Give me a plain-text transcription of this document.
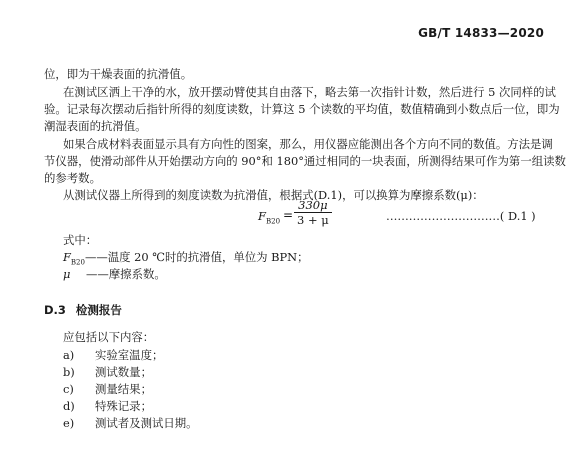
GB/T 14833—2020
位，即为干燥表面的抗滑值。
在测试区洒上干净的水，放开摆动臂使其自由落下，略去第一次指针计数，然后进行 5 次同样的试
验。记录每次摆动后指针所得的刻度读数，计算这 5 个读数的平均值，数值精确到小数点后一位，即为
潮湿表面的抗滑值。
如果合成材料表面显示具有方向性的图案，那么，用仪器应能测出各个方向不同的数值。方法是调
节仪器，使滑动部件从开始摆动方向的 90°和 180°通过相同的一块表面，所测得结果可作为第一组读数
的参考数。
从测试仪器上所得到的刻度读数为抗滑值，根据式(D.1)，可以换算为摩擦系数(μ)：
$F_{B20} = \frac{330\mu}{3 + \mu}$	…………………………( D.1 )
式中：
$F_{B20}——$温度 20 ℃时的抗滑值，单位为 BPN；
μ ——摩擦系数。
D.3 检测报告
应包括以下内容：
a) 实验室温度；
b) 测试数量；
c) 测量结果；
d) 特殊记录；
e) 测试者及测试日期。
